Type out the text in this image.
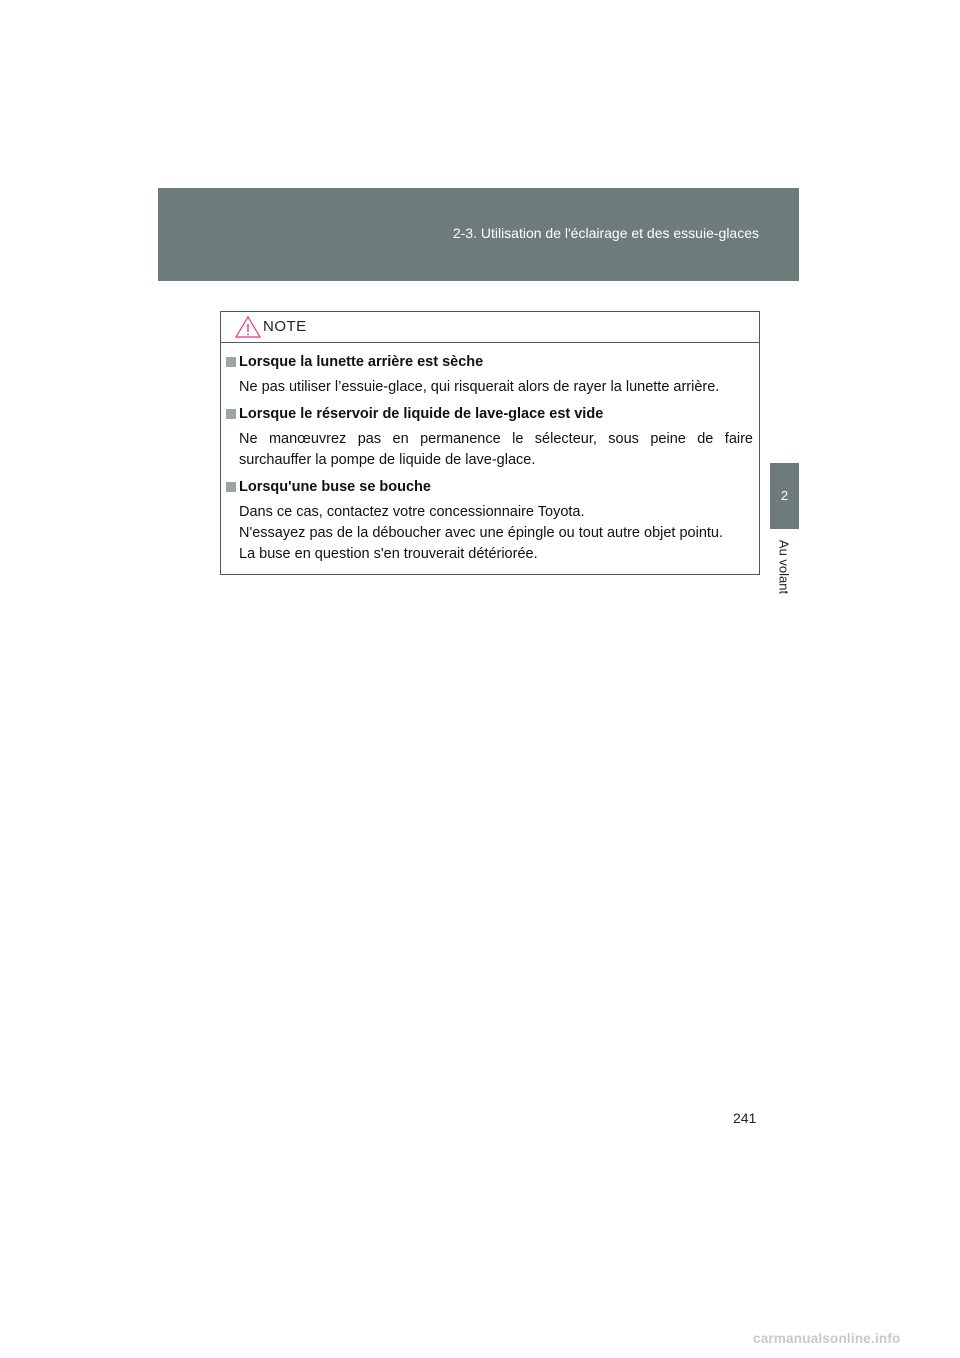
2-3. Utilisation de l'éclairage et des essuie-glaces
2
Au volant
NOTE
Lorsque la lunette arrière est sèche

Ne pas utiliser l’essuie-glace, qui risquerait alors de rayer la lunette arrière.

Lorsque le réservoir de liquide de lave-glace est vide

Ne manœuvrez pas en permanence le sélecteur, sous peine de faire surchauffer la pompe de liquide de lave-glace.

Lorsqu'une buse se bouche

Dans ce cas, contactez votre concessionnaire Toyota.

N'essayez pas de la déboucher avec une épingle ou tout autre objet pointu.

La buse en question s'en trouverait détériorée.

241
carmanualsonline.info
